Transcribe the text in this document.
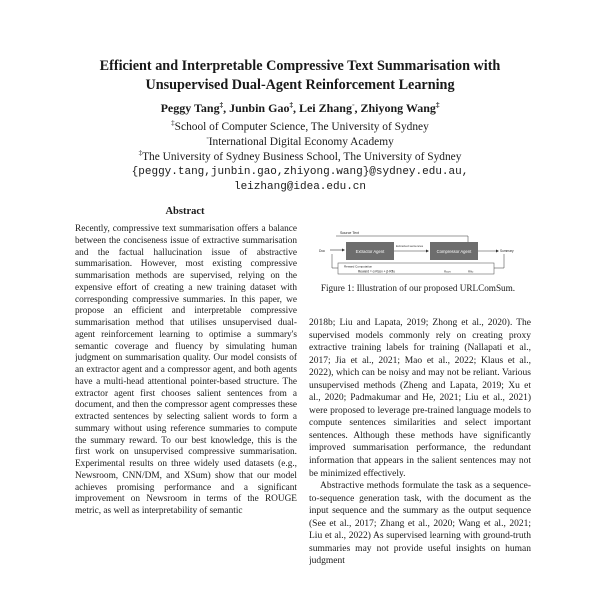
Efficient and Interpretable Compressive Text Summarisation with
Unsupervised Dual-Agent Reinforcement Learning
Peggy Tang‡, Junbin Gao‡, Lei Zhang◦, Zhiyong Wang‡
‡School of Computer Science, The University of Sydney
◦International Digital Economy Academy
‡The University of Sydney Business School, The University of Sydney
{peggy.tang,junbin.gao,zhiyong.wang}@sydney.edu.au,
leizhang@idea.edu.cn
Abstract
Recently, compressive text summarisation offers a balance between the conciseness issue of extractive summarisation and the factual hallucination issue of abstractive summarisation. However, most existing compressive summarisation methods are supervised, relying on the expensive effort of creating a new training dataset with corresponding compressive summaries. In this paper, we propose an efficient and interpretable compressive summarisation method that utilises unsupervised dual-agent reinforcement learning to optimise a summary's semantic coverage and fluency by simulating human judgment on summarisation quality. Our model consists of an extractor agent and a compressor agent, and both agents have a multi-head attentional pointer-based structure. The extractor agent first chooses salient sentences from a document, and then the compressor agent compresses these extracted sentences by selecting salient words to form a summary without using reference summaries to compute the summary reward. To our best knowledge, this is the first work on unsupervised compressive summarisation. Experimental results on three widely used datasets (e.g., Newsroom, CNN/DM, and XSum) show that our model achieves promising performance and a significant improvement on Newsroom in terms of the ROUGE metric, as well as interpretability of semantic
Source Text
Doc	Extractor Agent
Extracted sentences
Compressor Agent	Summary
Reward Computation
Reward = α·Rcov + β·Rflu	Rcov	Rflu
Figure 1: Illustration of our proposed URLComSum.

2018b; Liu and Lapata, 2019; Zhong et al., 2020). The supervised models commonly rely on creating proxy extractive training labels for training (Nallapati et al., 2017; Jia et al., 2021; Mao et al., 2022; Klaus et al., 2022), which can be noisy and may not be reliant. Various unsupervised methods (Zheng and Lapata, 2019; Xu et al., 2020; Padmakumar and He, 2021; Liu et al., 2021) were proposed to leverage pre-trained language models to compute sentences similarities and select important sentences. Although these methods have significantly improved summarisation performance, the redundant information that appears in the salient sentences may not be minimized effectively.

Abstractive methods formulate the task as a sequence-to-sequence generation task, with the document as the input sequence and the summary as the output sequence (See et al., 2017; Zhang et al., 2020; Wang et al., 2021; Liu et al., 2022) As supervised learning with ground-truth summaries may not provide useful insights on human judgment
